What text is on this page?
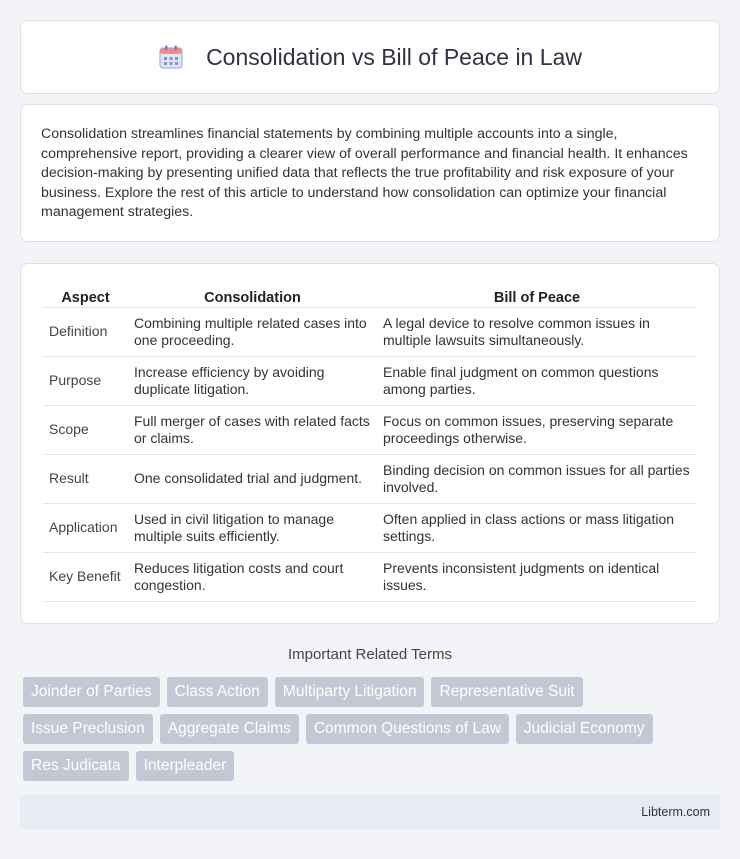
Consolidation vs Bill of Peace in Law

Consolidation streamlines financial statements by combining multiple accounts into a single, comprehensive report, providing a clearer view of overall performance and financial health. It enhances decision-making by presenting unified data that reflects the true profitability and risk exposure of your business. Explore the rest of this article to understand how consolidation can optimize your financial management strategies.

Aspect	Consolidation	Bill of Peace
Definition	Combining multiple related cases into one proceeding.	A legal device to resolve common issues in multiple lawsuits simultaneously.
Purpose	Increase efficiency by avoiding duplicate litigation.	Enable final judgment on common questions among parties.
Scope	Full merger of cases with related facts or claims.	Focus on common issues, preserving separate proceedings otherwise.
Result	One consolidated trial and judgment.	Binding decision on common issues for all parties involved.
Application	Used in civil litigation to manage multiple suits efficiently.	Often applied in class actions or mass litigation settings.
Key Benefit	Reduces litigation costs and court congestion.	Prevents inconsistent judgments on identical issues.
Important Related Terms
Joinder of Parties	Class Action	Multiparty Litigation	Representative Suit
Issue Preclusion	Aggregate Claims	Common Questions of Law	Judicial Economy
Res Judicata	Interpleader
Libterm.com
